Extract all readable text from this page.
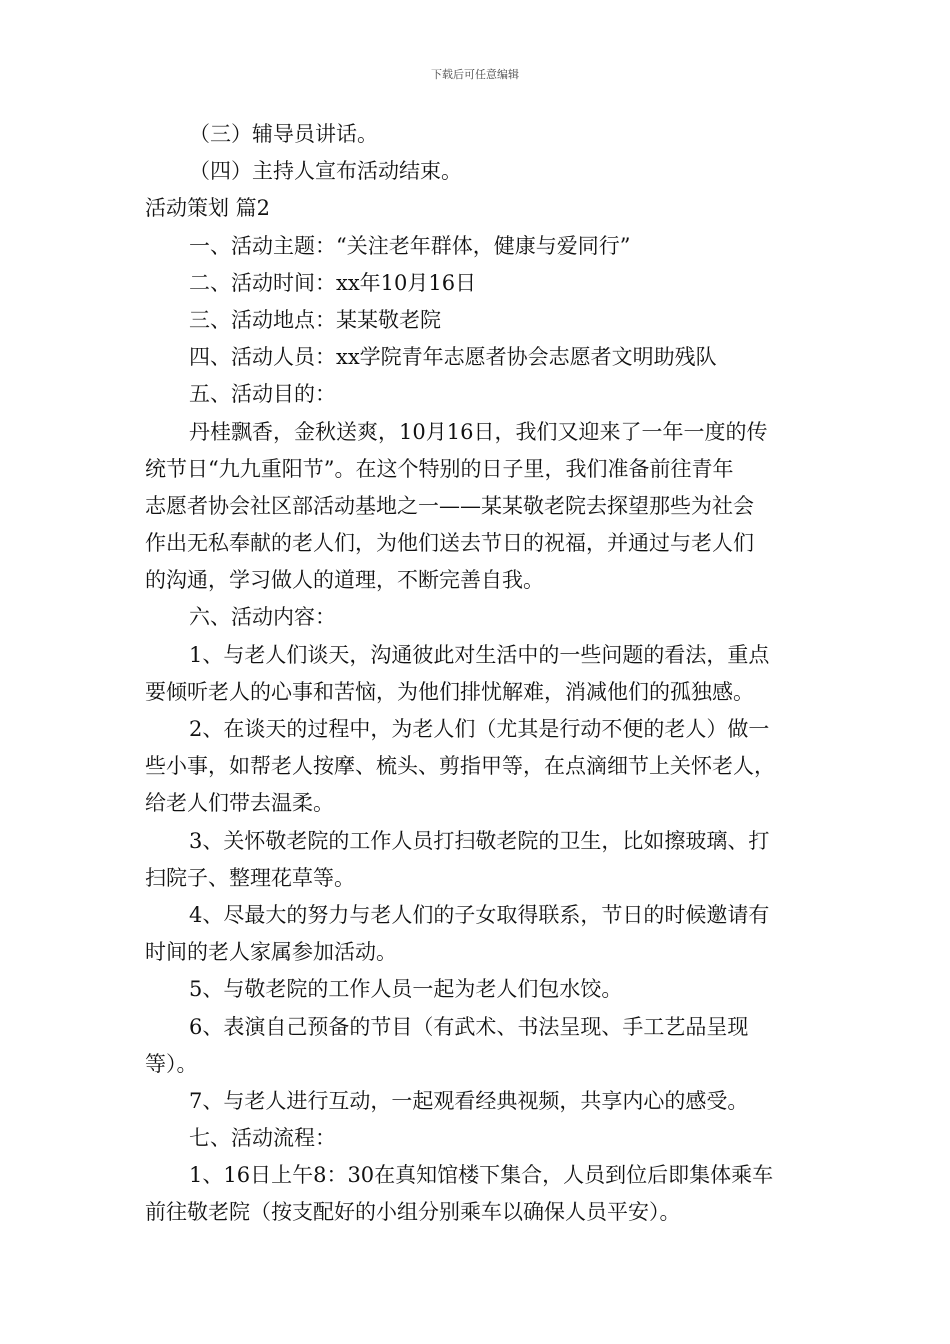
下载后可任意编辑
（三）辅导员讲话。
（四）主持人宣布活动结束。
活动策划 篇2
一、活动主题：“关注老年群体，健康与爱同行”
二、活动时间：xx年10月16日
三、活动地点：某某敬老院
四、活动人员：xx学院青年志愿者协会志愿者文明助残队
五、活动目的：
丹桂飘香，金秋送爽，10月16日，我们又迎来了一年一度的传
统节日“九九重阳节”。在这个特别的日子里，我们准备前往青年
志愿者协会社区部活动基地之一——某某敬老院去探望那些为社会
作出无私奉献的老人们，为他们送去节日的祝福，并通过与老人们
的沟通，学习做人的道理，不断完善自我。
六、活动内容：
1、与老人们谈天，沟通彼此对生活中的一些问题的看法，重点
要倾听老人的心事和苦恼，为他们排忧解难，消减他们的孤独感。
2、在谈天的过程中，为老人们（尤其是行动不便的老人）做一
些小事，如帮老人按摩、梳头、剪指甲等，在点滴细节上关怀老人，
给老人们带去温柔。
3、关怀敬老院的工作人员打扫敬老院的卫生，比如擦玻璃、打
扫院子、整理花草等。
4、尽最大的努力与老人们的子女取得联系，节日的时候邀请有
时间的老人家属参加活动。
5、与敬老院的工作人员一起为老人们包水饺。
6、表演自己预备的节目（有武术、书法呈现、手工艺品呈现
等）。
7、与老人进行互动，一起观看经典视频，共享内心的感受。
七、活动流程：
1、16日上午8：30在真知馆楼下集合，人员到位后即集体乘车
前往敬老院（按支配好的小组分别乘车以确保人员平安）。
